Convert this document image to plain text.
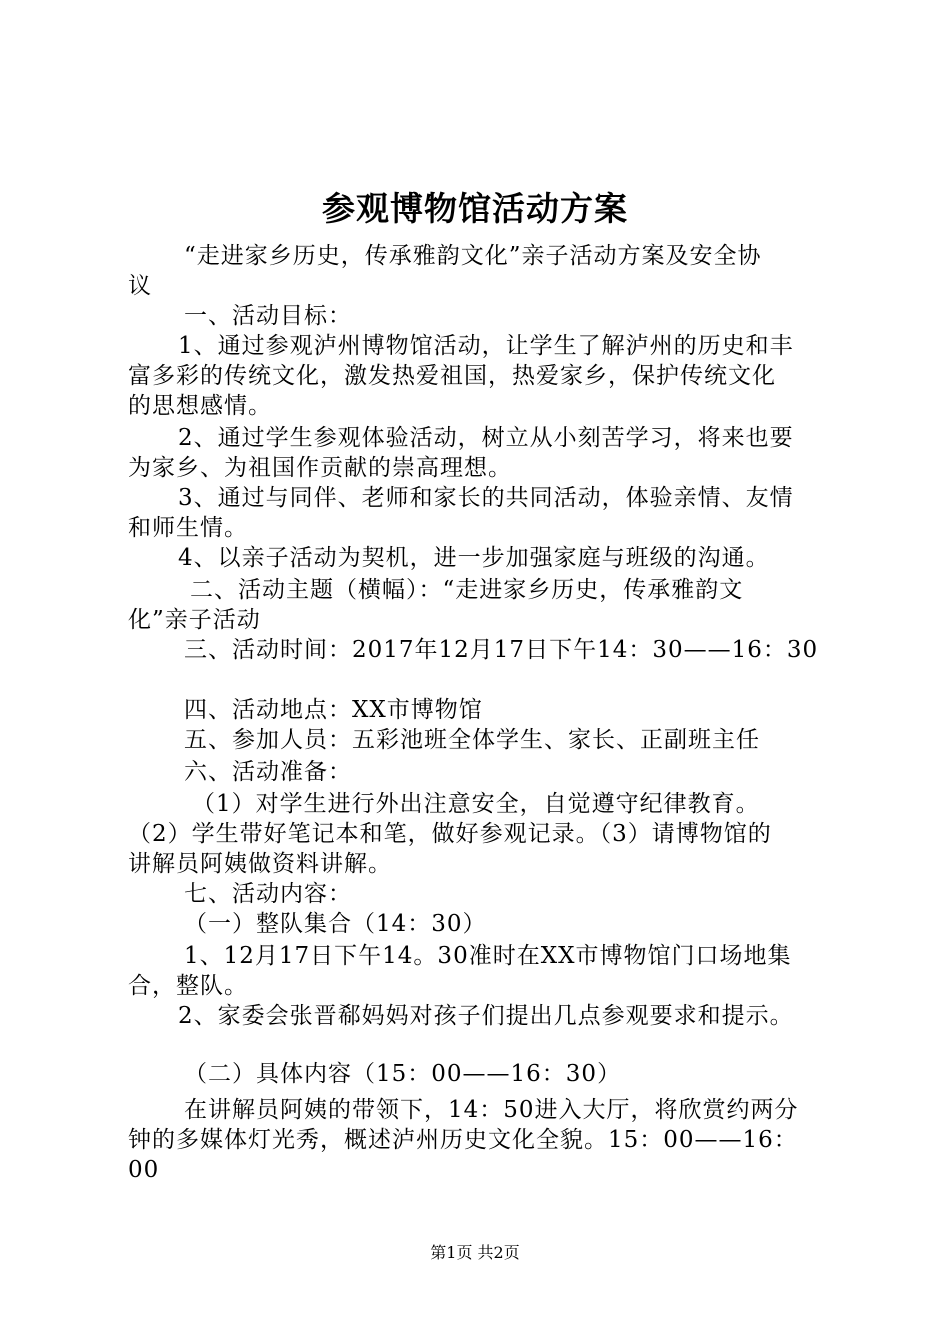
参观博物馆活动方案

“走进家乡历史，传承雅韵文化”亲子活动方案及安全协

议

一、活动目标：

1、通过参观泸州博物馆活动，让学生了解泸州的历史和丰

富多彩的传统文化，激发热爱祖国，热爱家乡，保护传统文化

的思想感情。

2、通过学生参观体验活动，树立从小刻苦学习，将来也要

为家乡、为祖国作贡献的崇高理想。

3、通过与同伴、老师和家长的共同活动，体验亲情、友情

和师生情。

4、以亲子活动为契机，进一步加强家庭与班级的沟通。

二、活动主题（横幅）：“走进家乡历史，传承雅韵文

化”亲子活动

三、活动时间：2017年12月17日下午14：30——16：30

四、活动地点：XX市博物馆

五、参加人员：五彩池班全体学生、家长、正副班主任

六、活动准备：

（1）对学生进行外出注意安全，自觉遵守纪律教育。

（2）学生带好笔记本和笔，做好参观记录。（3）请博物馆的

讲解员阿姨做资料讲解。

七、活动内容：

（一）整队集合（14：30）

1、12月17日下午14。30准时在XX市博物馆门口场地集

合，整队。

2、家委会张晋郗妈妈对孩子们提出几点参观要求和提示。

（二）具体内容（15：00——16：30）

在讲解员阿姨的带领下，14：50进入大厅，将欣赏约两分

钟的多媒体灯光秀，概述泸州历史文化全貌。15：00——16：

00

第1页 共2页
